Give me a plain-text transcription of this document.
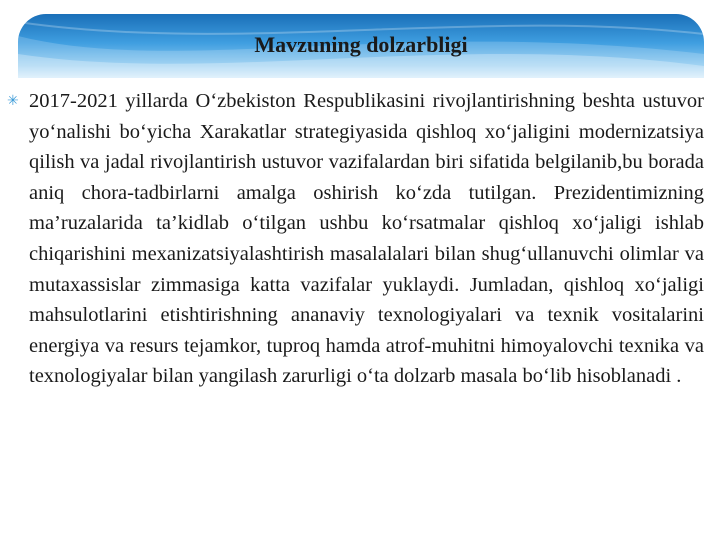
Mavzuning dolzarbligi
✳ 2017-2021 yillarda O‘zbekiston Respublikasini rivojlantirishning beshta ustuvor yo‘nalishi bo‘yicha Xarakatlar strategiyasida qishloq xo‘jaligini modernizatsiya qilish va jadal rivojlantirish ustuvor vazifalardan biri sifatida belgilanib,bu borada aniq chora-tadbirlarni amalga oshirish ko‘zda tutilgan. Prezidentimizning ma’ruzalarida ta’kidlab o‘tilgan ushbu ko‘rsatmalar qishloq xo‘jaligi ishlab chiqarishini mexanizatsiyalashtirish masalalalari bilan shug‘ullanuvchi olimlar va mutaxassislar zimmasiga katta vazifalar yuklaydi. Jumladan, qishloq xo‘jaligi mahsulotlarini etishtirishning ananaviy texnologiyalari va texnik vositalarini energiya va resurs tejamkor, tuproq hamda atrof-muhitni himoyalovchi texnika va texnologiyalar bilan yangilash zarurligi o‘ta dolzarb masala bo‘lib hisoblanadi .
